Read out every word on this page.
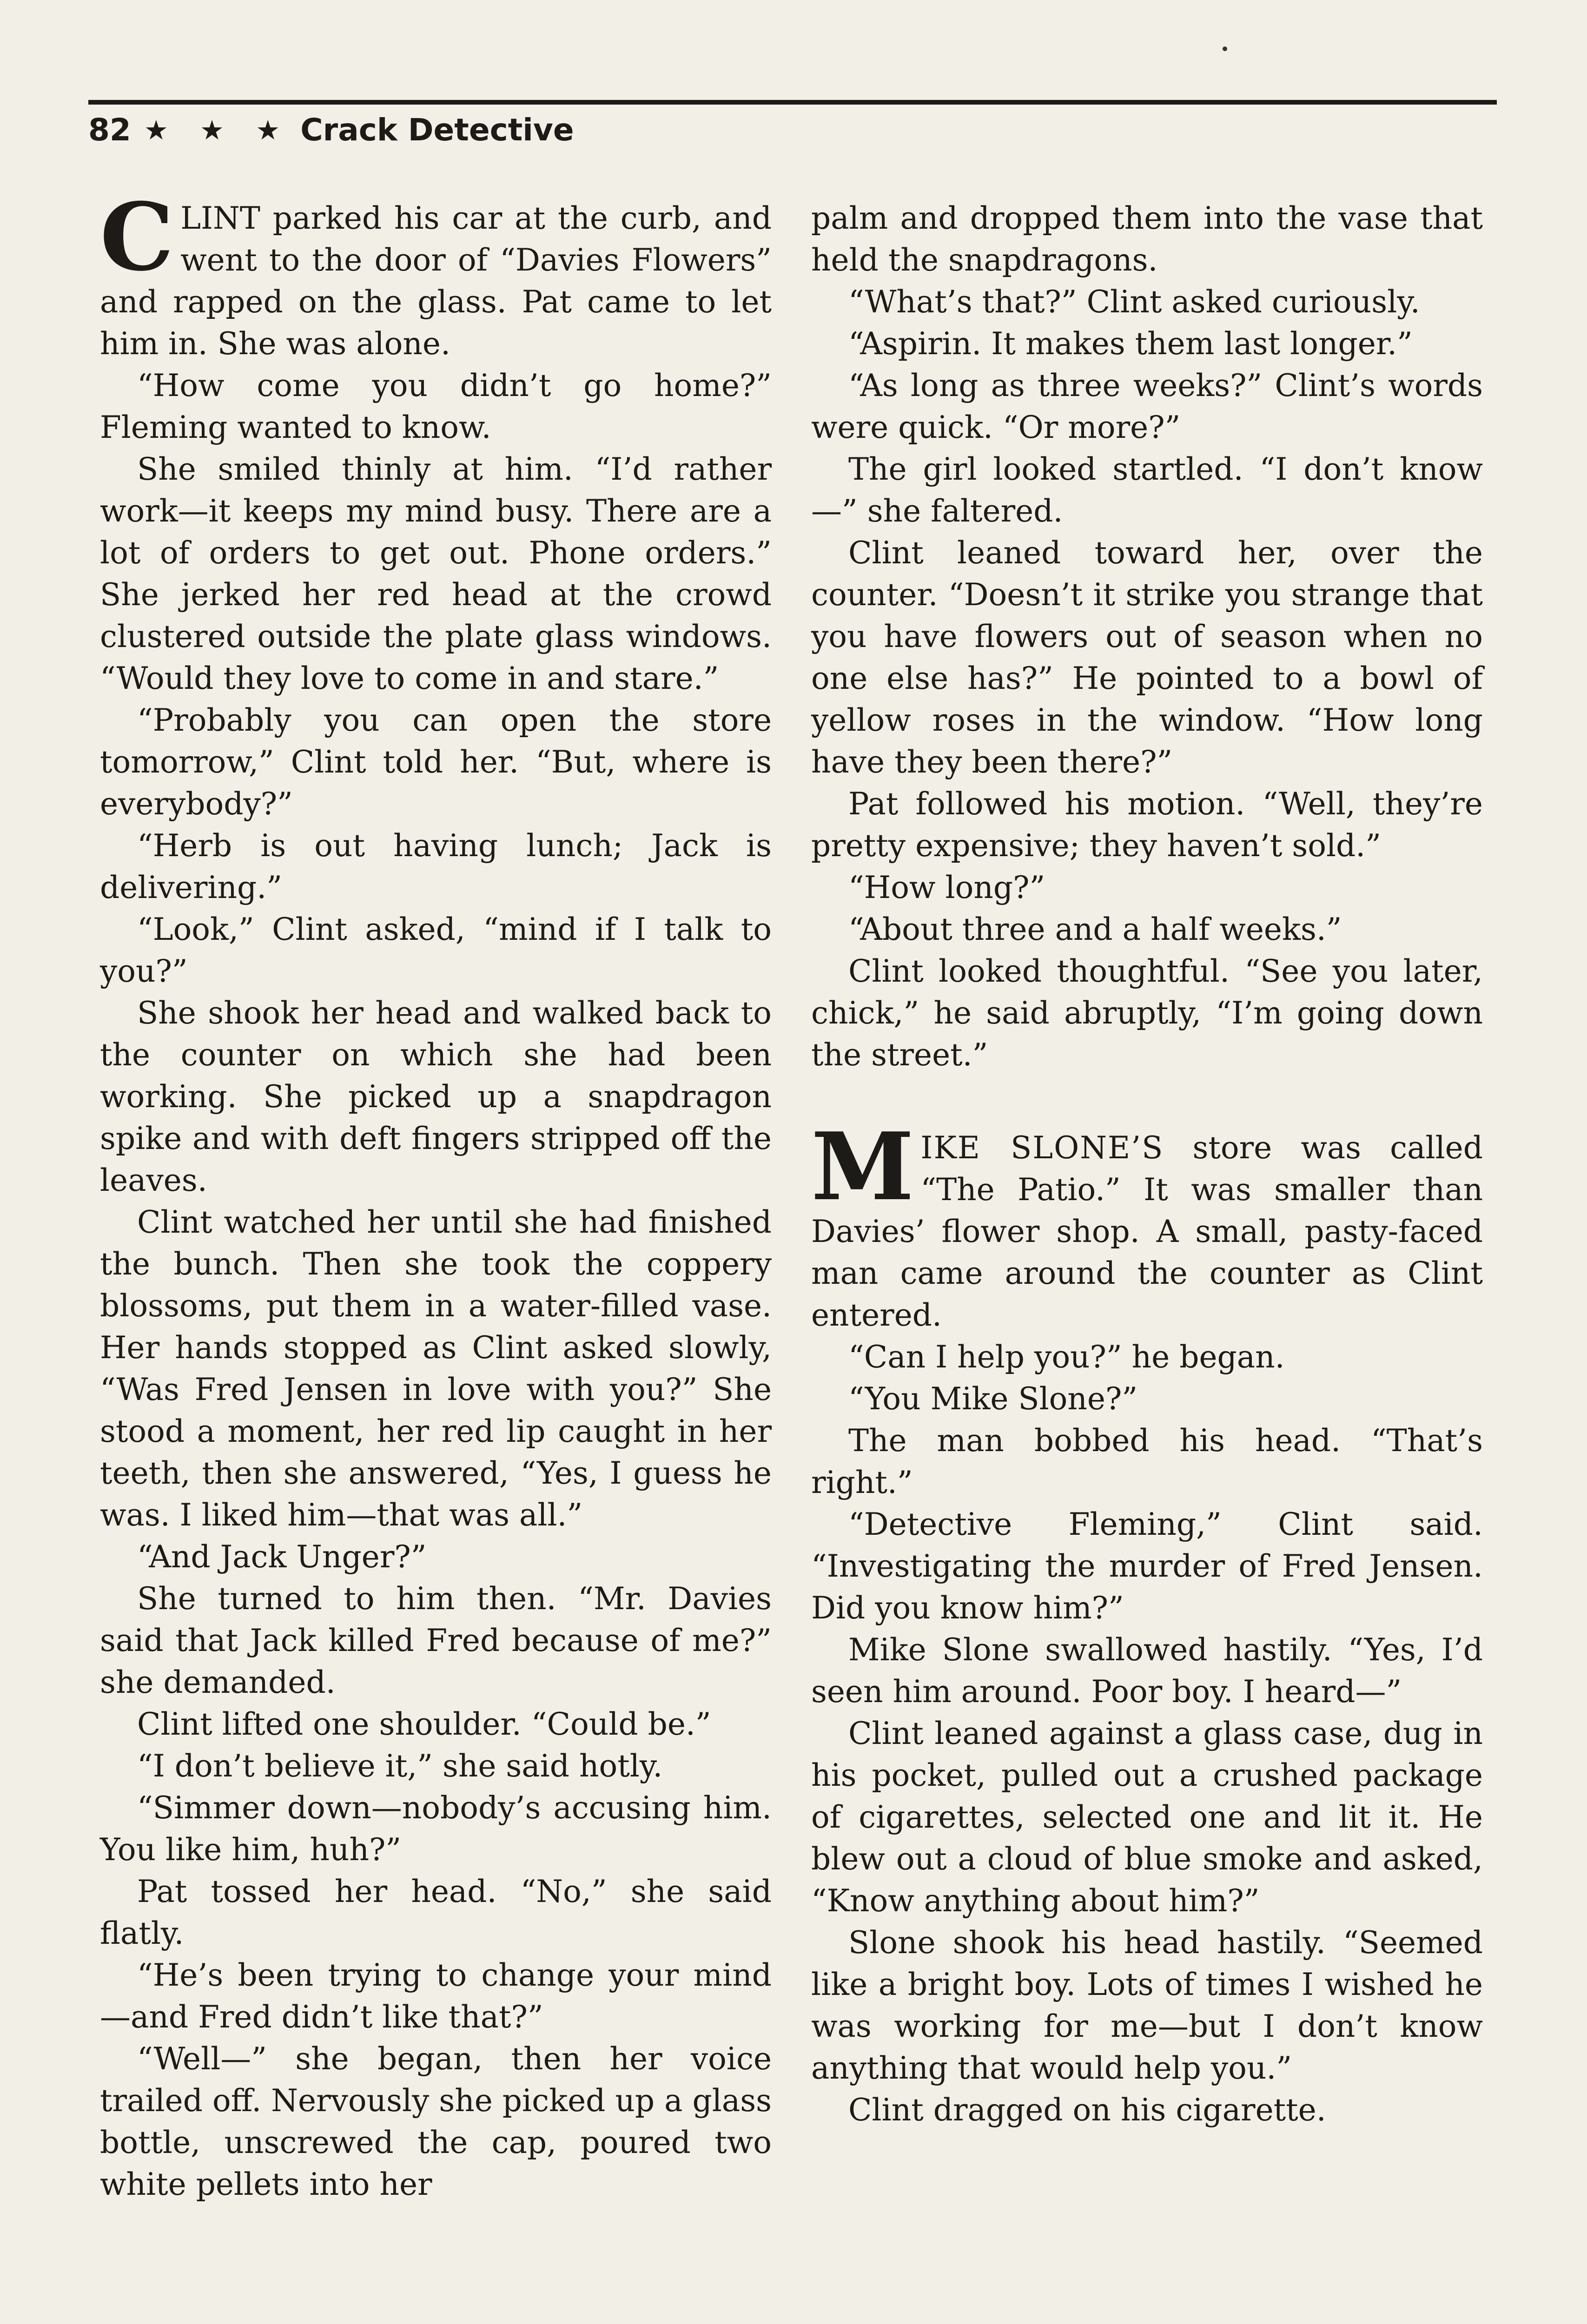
82 ★ ★ ★ Crack Detective

CLINT parked his car at the curb, and went to the door of “Davies Flowers” and rapped on the glass. Pat came to let him in. She was alone.

“How come you didn’t go home?” Fleming wanted to know.

She smiled thinly at him. “I’d rather work—it keeps my mind busy. There are a lot of orders to get out. Phone orders.” She jerked her red head at the crowd clustered outside the plate glass windows. “Would they love to come in and stare.”

“Probably you can open the store tomorrow,” Clint told her. “But, where is everybody?”

“Herb is out having lunch; Jack is delivering.”

“Look,” Clint asked, “mind if I talk to you?”

She shook her head and walked back to the counter on which she had been working. She picked up a snapdragon spike and with deft fingers stripped off the leaves.

Clint watched her until she had finished the bunch. Then she took the coppery blossoms, put them in a water-filled vase. Her hands stopped as Clint asked slowly, “Was Fred Jensen in love with you?” She stood a moment, her red lip caught in her teeth, then she answered, “Yes, I guess he was. I liked him—that was all.”

“And Jack Unger?”

She turned to him then. “Mr. Davies said that Jack killed Fred because of me?” she demanded.

Clint lifted one shoulder. “Could be.”

“I don’t believe it,” she said hotly.

“Simmer down—nobody’s accusing him. You like him, huh?”

Pat tossed her head. “No,” she said flatly.

“He’s been trying to change your mind—and Fred didn’t like that?”

“Well—” she began, then her voice trailed off. Nervously she picked up a glass bottle, unscrewed the cap, poured two white pellets into her

palm and dropped them into the vase that held the snapdragons.

“What’s that?” Clint asked curiously.

“Aspirin. It makes them last longer.”

“As long as three weeks?” Clint’s words were quick. “Or more?”

The girl looked startled. “I don’t know—” she faltered.

Clint leaned toward her, over the counter. “Doesn’t it strike you strange that you have flowers out of season when no one else has?” He pointed to a bowl of yellow roses in the window. “How long have they been there?”

Pat followed his motion. “Well, they’re pretty expensive; they haven’t sold.”

“How long?”

“About three and a half weeks.”

Clint looked thoughtful. “See you later, chick,” he said abruptly, “I’m going down the street.”

MIKE SLONE’S store was called “The Patio.” It was smaller than Davies’ flower shop. A small, pasty-faced man came around the counter as Clint entered.

“Can I help you?” he began.

“You Mike Slone?”

The man bobbed his head. “That’s right.”

“Detective Fleming,” Clint said. “Investigating the murder of Fred Jensen. Did you know him?”

Mike Slone swallowed hastily. “Yes, I’d seen him around. Poor boy. I heard—”

Clint leaned against a glass case, dug in his pocket, pulled out a crushed package of cigarettes, selected one and lit it. He blew out a cloud of blue smoke and asked, “Know anything about him?”

Slone shook his head hastily. “Seemed like a bright boy. Lots of times I wished he was working for me—but I don’t know anything that would help you.”

Clint dragged on his cigarette.
